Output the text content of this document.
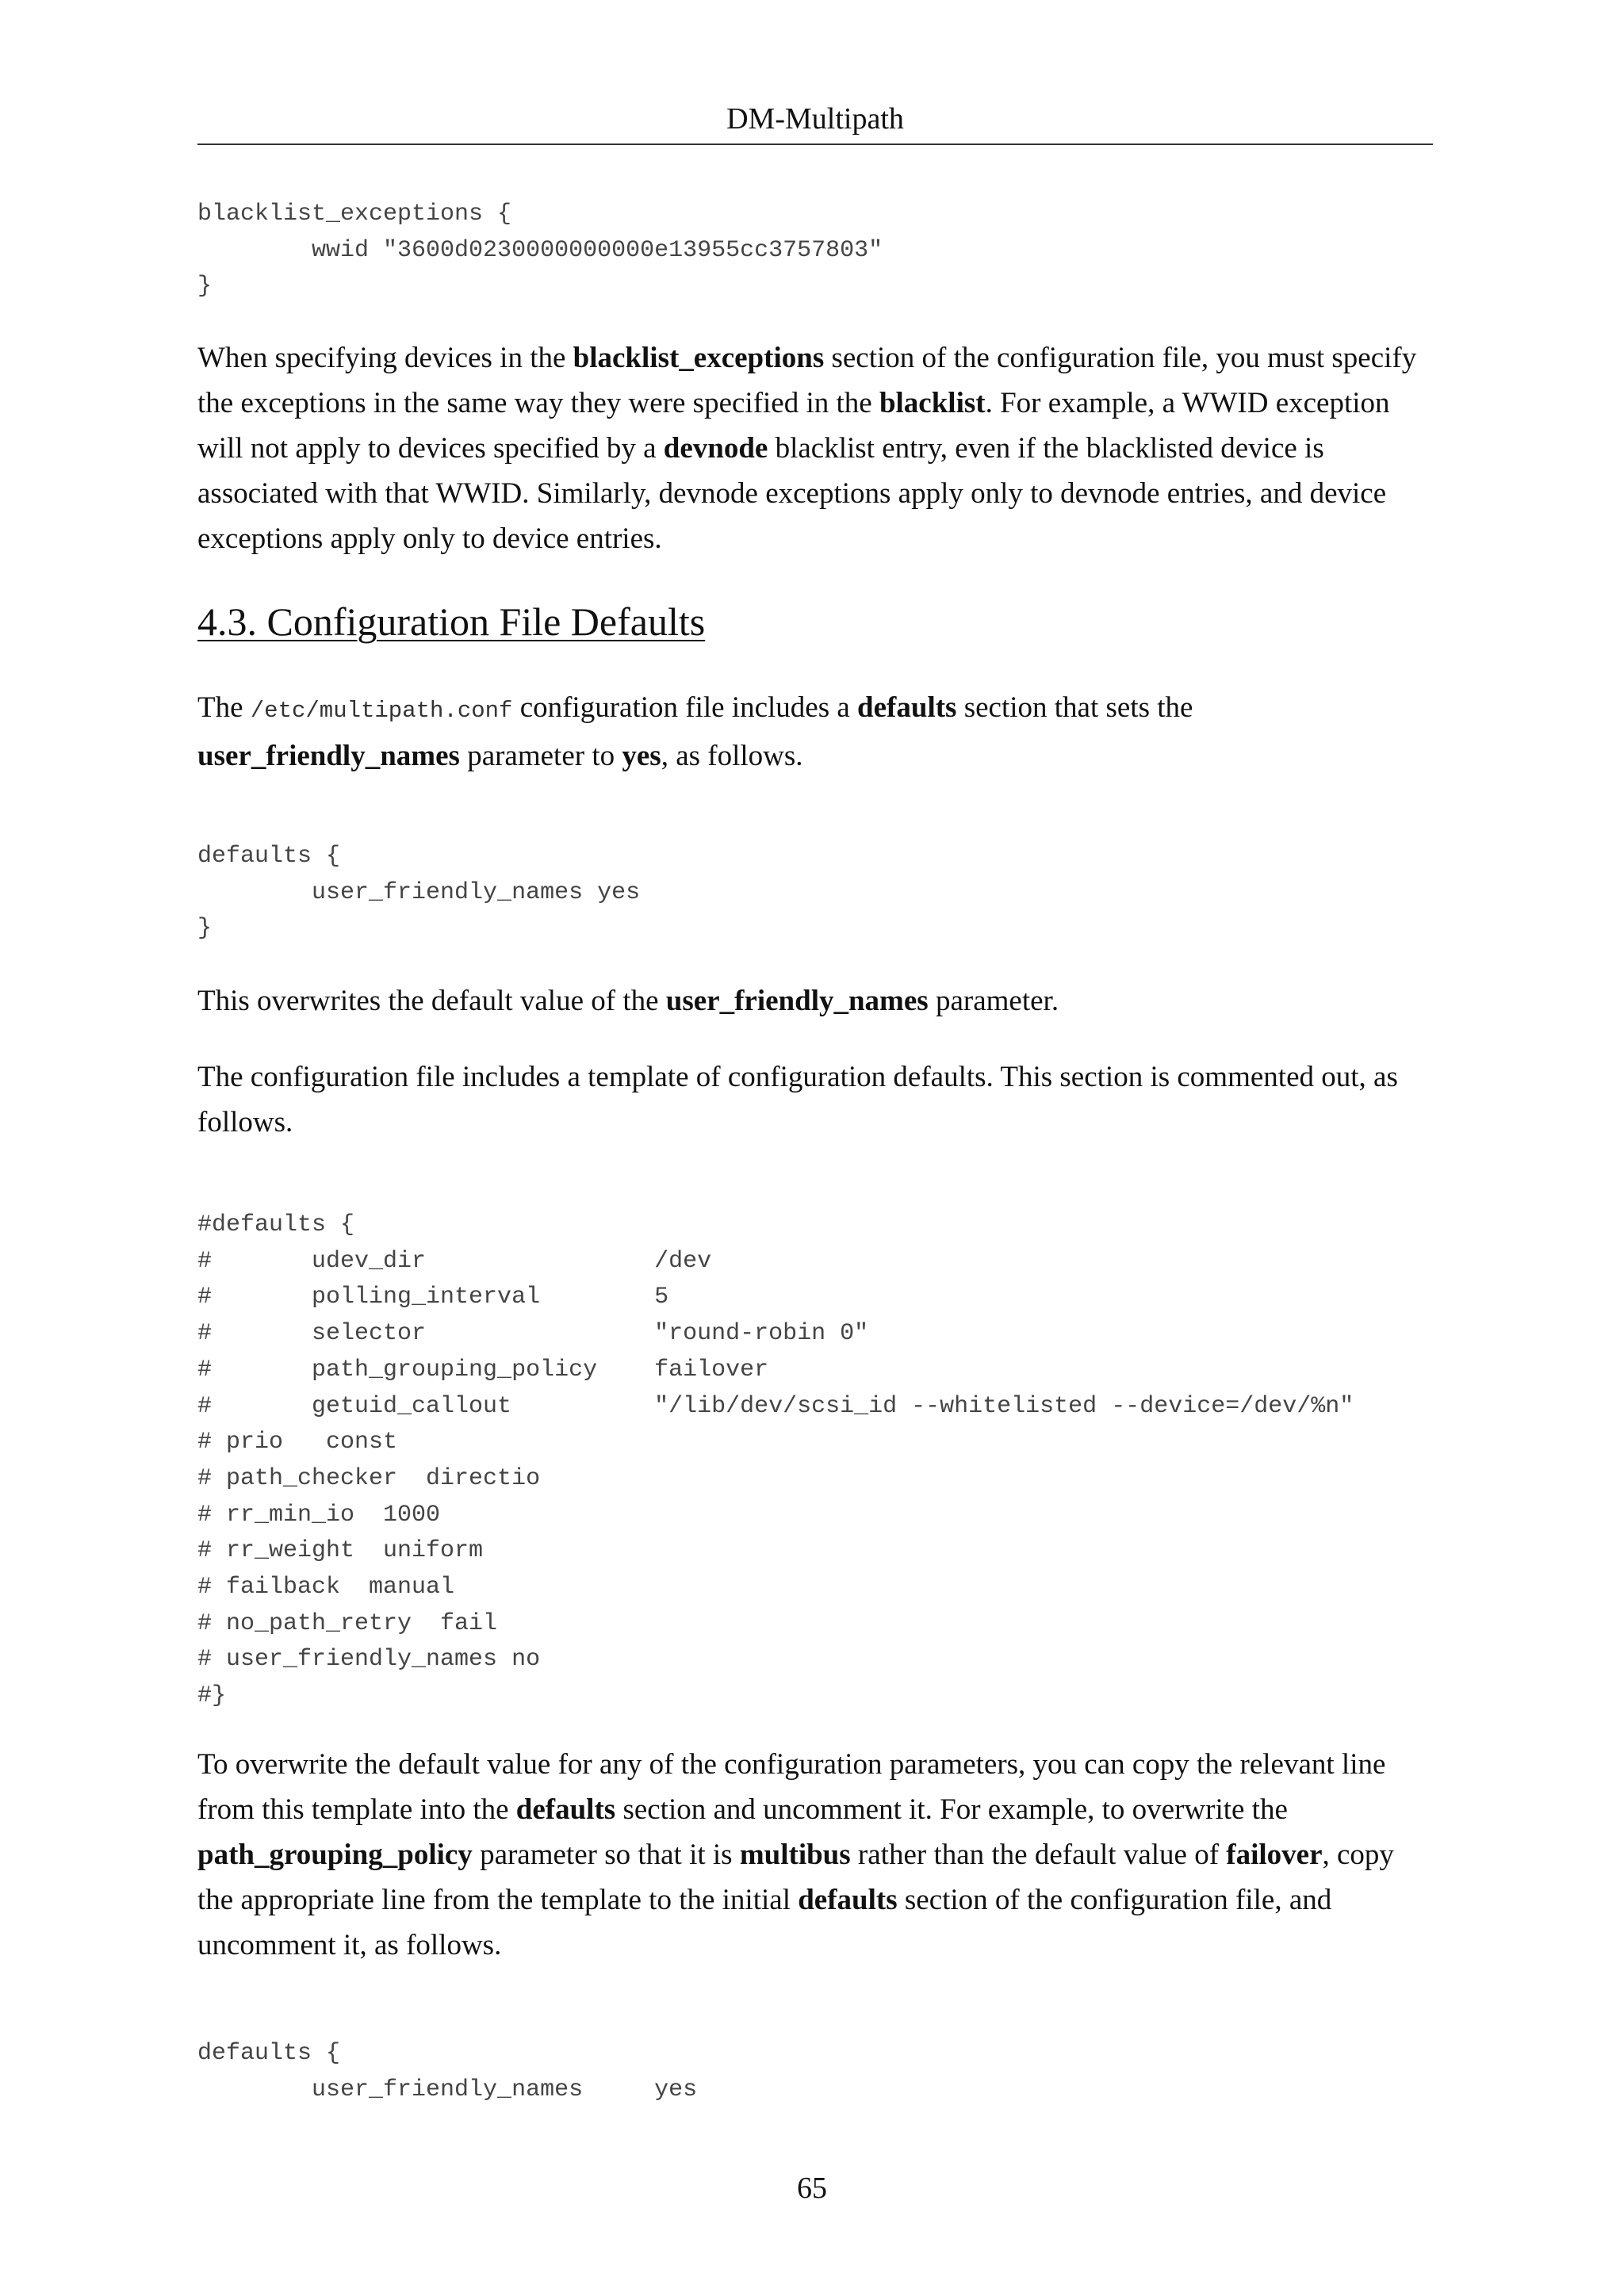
DM-Multipath
blacklist_exceptions {
wwid "3600d0230000000000e13955cc3757803"
}

When specifying devices in the blacklist_exceptions section of the configuration file, you must specify the exceptions in the same way they were specified in the blacklist. For example, a WWID exception will not apply to devices specified by a devnode blacklist entry, even if the blacklisted device is associated with that WWID. Similarly, devnode exceptions apply only to devnode entries, and device exceptions apply only to device entries.

4.3. Configuration File Defaults

The /etc/multipath.conf configuration file includes a defaults section that sets the user_friendly_names parameter to yes, as follows.

defaults {
user_friendly_names yes
}

This overwrites the default value of the user_friendly_names parameter.

The configuration file includes a template of configuration defaults. This section is commented out, as follows.

#defaults {
#       udev_dir                /dev
#       polling_interval        5
#       selector                "round-robin 0"
#       path_grouping_policy    failover
#       getuid_callout          "/lib/dev/scsi_id --whitelisted --device=/dev/%n"
# prio   const
# path_checker  directio
# rr_min_io  1000
# rr_weight  uniform
# failback  manual
# no_path_retry  fail
# user_friendly_names no
#}

To overwrite the default value for any of the configuration parameters, you can copy the relevant line from this template into the defaults section and uncomment it. For example, to overwrite the path_grouping_policy parameter so that it is multibus rather than the default value of failover, copy the appropriate line from the template to the initial defaults section of the configuration file, and uncomment it, as follows.

defaults {
user_friendly_names     yes
65
